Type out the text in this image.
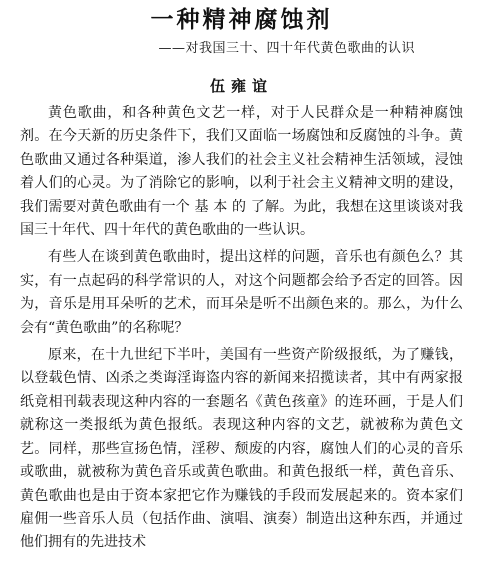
一种精神腐蚀剂
——对我国三十、四十年代黄色歌曲的认识
伍雍谊

黄色歌曲，和各种黄色文艺一样，对于人民群众是一种精神腐蚀剂。在今天新的历史条件下，我们又面临一场腐蚀和反腐蚀的斗争。黄色歌曲又通过各种渠道，渗人我们的社会主义社会精神生活领域，浸蚀着人们的心灵。为了消除它的影响，以利于社会主义精神文明的建设，我们需要对黄色歌曲有一个 基 本 的 了解。为此，我想在这里谈谈对我国三十年代、四十年代的黄色歌曲的一些认识。

有些人在谈到黄色歌曲时，提出这样的问题，音乐也有颜色么？其实，有一点起码的科学常识的人，对这个问题都会给予否定的回答。因为，音乐是用耳朵听的艺术，而耳朵是听不出颜色来的。那么，为什么会有“黄色歌曲”的名称呢？

原来，在十九世纪下半叶，美国有一些资产阶级报纸，为了赚钱，以登载色情、凶杀之类诲淫诲盗内容的新闻来招揽读者，其中有两家报纸竟相刊载表现这种内容的一套题名《黄色孩童》的连环画，于是人们就称这一类报纸为黄色报纸。表现这种内容的文艺，就被称为黄色文艺。同样，那些宣扬色情，淫秽、颓废的内容，腐蚀人们的心灵的音乐或歌曲，就被称为黄色音乐或黄色歌曲。和黄色报纸一样，黄色音乐、黄色歌曲也是由于资本家把它作为赚钱的手段而发展起来的。资本家们雇佣一些音乐人员（包括作曲、演唱、演奏）制造出这种东西，并通过他们拥有的先进技术
